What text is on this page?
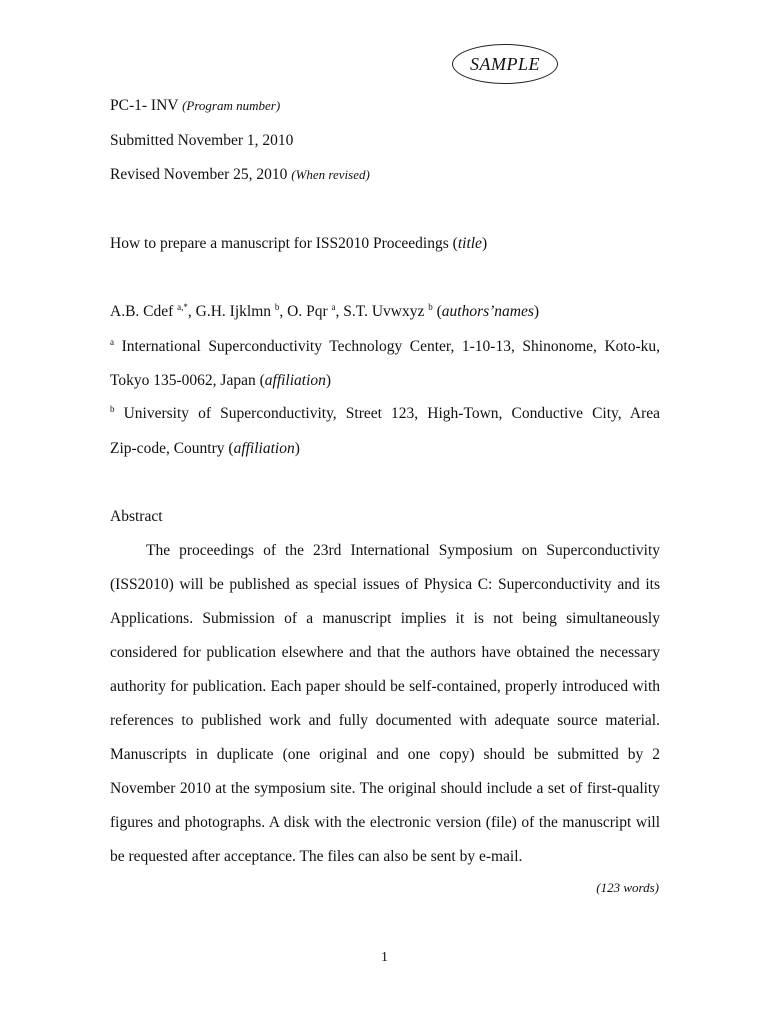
SAMPLE
PC-1- INV (Program number)
Submitted November 1, 2010
Revised November 25, 2010 (When revised)
How to prepare a manuscript for ISS2010 Proceedings (title)
A.B. Cdef $^{a,*}$, G.H. Ijklmn $^b$, O. Pqr $^a$, S.T. Uvwxyz $^b$ (authors’names)
$^a$ International Superconductivity Technology Center, 1-10-13, Shinonome, Koto-ku,
Tokyo 135-0062, Japan (affiliation)
$^b$ University of Superconductivity, Street 123, High-Town, Conductive City, Area
Zip-code, Country (affiliation)
Abstract
The proceedings of the 23rd International Symposium on Superconductivity
(ISS2010) will be published as special issues of Physica C: Superconductivity and its
Applications. Submission of a manuscript implies it is not being simultaneously
considered for publication elsewhere and that the authors have obtained the necessary
authority for publication. Each paper should be self-contained, properly introduced with
references to published work and fully documented with adequate source material.
Manuscripts in duplicate (one original and one copy) should be submitted by 2
November 2010 at the symposium site. The original should include a set of first-quality
figures and photographs. A disk with the electronic version (file) of the manuscript will
be requested after acceptance. The files can also be sent by e-mail.
(123 words)
1
